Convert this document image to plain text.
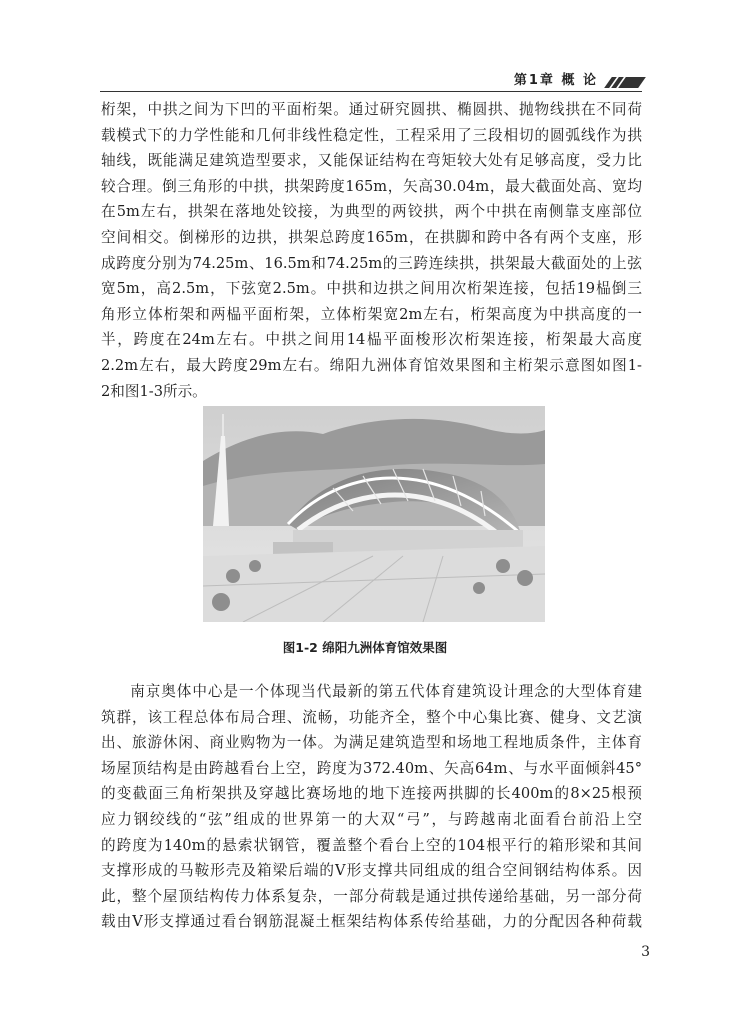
第1章 概 论
桁架，中拱之间为下凹的平面桁架。通过研究圆拱、椭圆拱、抛物线拱在不同荷
载模式下的力学性能和几何非线性稳定性，工程采用了三段相切的圆弧线作为拱
轴线，既能满足建筑造型要求，又能保证结构在弯矩较大处有足够高度，受力比
较合理。倒三角形的中拱，拱架跨度165m，矢高30.04m，最大截面处高、宽均
在5m左右，拱架在落地处铰接，为典型的两铰拱，两个中拱在南侧靠支座部位
空间相交。倒梯形的边拱，拱架总跨度165m，在拱脚和跨中各有两个支座，形
成跨度分别为74.25m、16.5m和74.25m的三跨连续拱，拱架最大截面处的上弦
宽5m，高2.5m，下弦宽2.5m。中拱和边拱之间用次桁架连接，包括19榀倒三
角形立体桁架和两榀平面桁架，立体桁架宽2m左右，桁架高度为中拱高度的一
半，跨度在24m左右。中拱之间用14榀平面梭形次桁架连接，桁架最大高度
2.2m左右，最大跨度29m左右。绵阳九洲体育馆效果图和主桁架示意图如图1-
2和图1-3所示。
图1-2 绵阳九洲体育馆效果图
南京奥体中心是一个体现当代最新的第五代体育建筑设计理念的大型体育建
筑群，该工程总体布局合理、流畅，功能齐全，整个中心集比赛、健身、文艺演
出、旅游休闲、商业购物为一体。为满足建筑造型和场地工程地质条件，主体育
场屋顶结构是由跨越看台上空，跨度为372.40m、矢高64m、与水平面倾斜45°
的变截面三角桁架拱及穿越比赛场地的地下连接两拱脚的长400m的8×25根预
应力钢绞线的“弦”组成的世界第一的大双“弓”，与跨越南北面看台前沿上空
的跨度为140m的悬索状钢管，覆盖整个看台上空的104根平行的箱形梁和其间
支撑形成的马鞍形壳及箱梁后端的V形支撑共同组成的组合空间钢结构体系。因
此，整个屋顶结构传力体系复杂，一部分荷载是通过拱传递给基础，另一部分荷
载由V形支撑通过看台钢筋混凝土框架结构体系传给基础，力的分配因各种荷载
3
